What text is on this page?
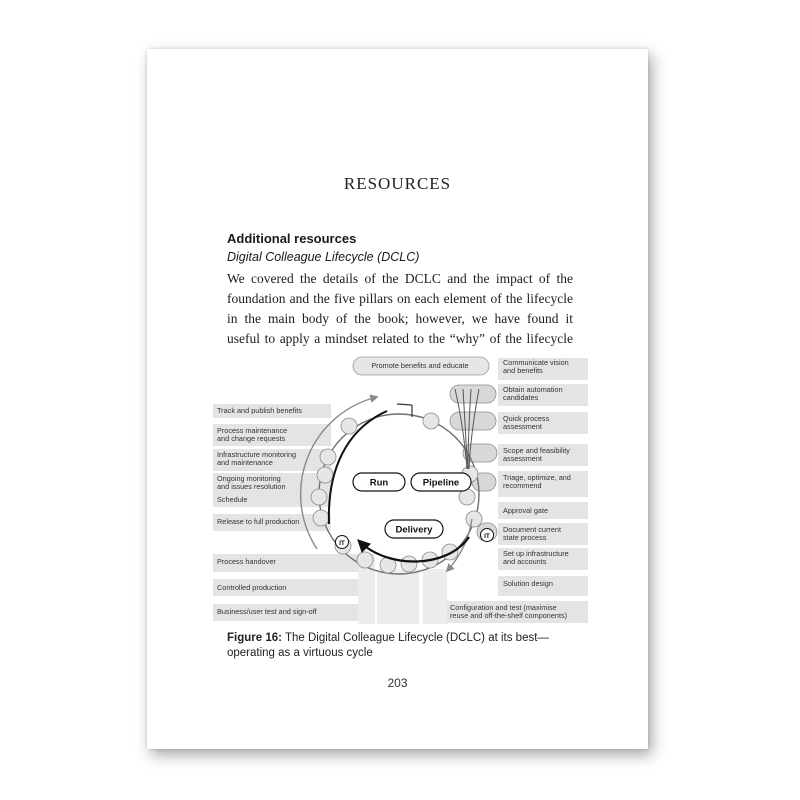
RESOURCES
Additional resources
Digital Colleague Lifecycle (DCLC)
We covered the details of the DCLC and the impact of the
foundation and the five pillars on each element of the lifecycle
in the main body of the book; however, we have found it
useful to apply a mindset related to the “why” of the lifecycle
Run	Pipeline
Delivery
IT
IT
Promote benefits and educate
Track and publish benefits
Process maintenance
and change requests
Infrastructure monitoring
and maintenance
Ongoing monitoring
and issues resolution
Schedule
Release to full production
Process handover
Controlled production
Business/user test and sign-off
Communicate vision
and benefits
Obtain automation
candidates
Quick process
assessment
Scope and feasibility
assessment
Triage, optimize, and
recommend
Approval gate
Document current
state process
Set up infrastructure
and accounts
Solution design
Configuration and test (maximise
reuse and off-the-shelf components)
Figure 16: The Digital Colleague Lifecycle (DCLC) at its best—operating as a virtuous cycle
203
